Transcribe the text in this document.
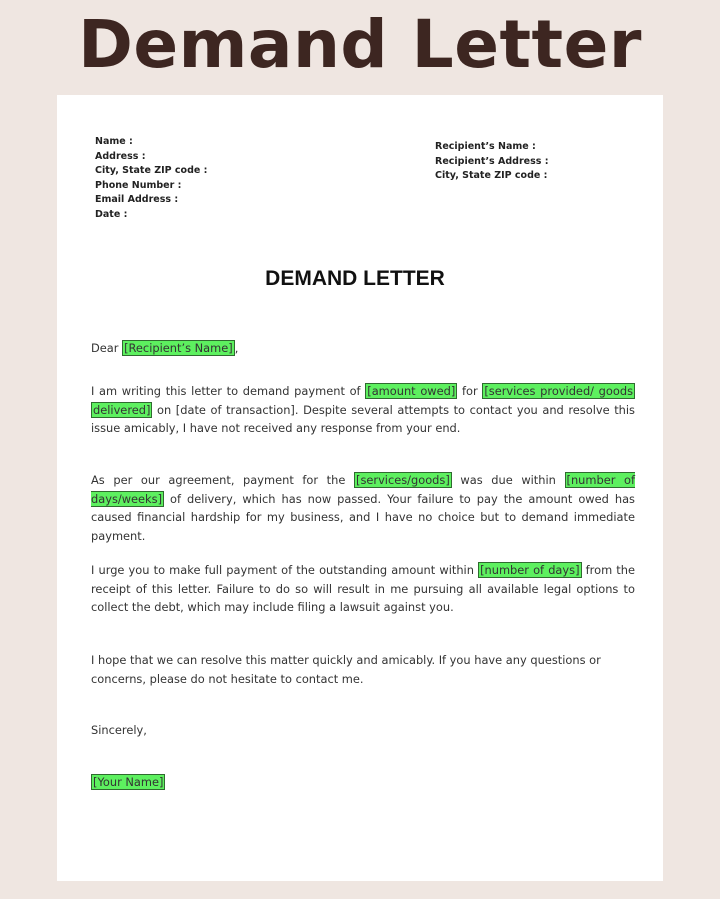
Demand Letter
Name :
Address :
City, State ZIP code :
Phone Number :
Email Address :
Date :
Recipient’s Name :
Recipient’s Address :
City, State ZIP code :
DEMAND LETTER
Dear [Recipient’s Name] ,
I am writing this letter to demand payment of [amount owed] for [services provided/ goods delivered] on [date of transaction]. Despite several attempts to contact you and resolve this issue amicably, I have not received any response from your end.
As per our agreement, payment for the [services/goods] was due within [number of days/weeks] of delivery, which has now passed. Your failure to pay the amount owed has caused financial hardship for my business, and I have no choice but to demand immediate payment.
I urge you to make full payment of the outstanding amount within [number of days] from the receipt of this letter. Failure to do so will result in me pursuing all available legal options to collect the debt, which may include filing a lawsuit against you.
I hope that we can resolve this matter quickly and amicably. If you have any questions or concerns, please do not hesitate to contact me.
Sincerely,
[Your Name]
